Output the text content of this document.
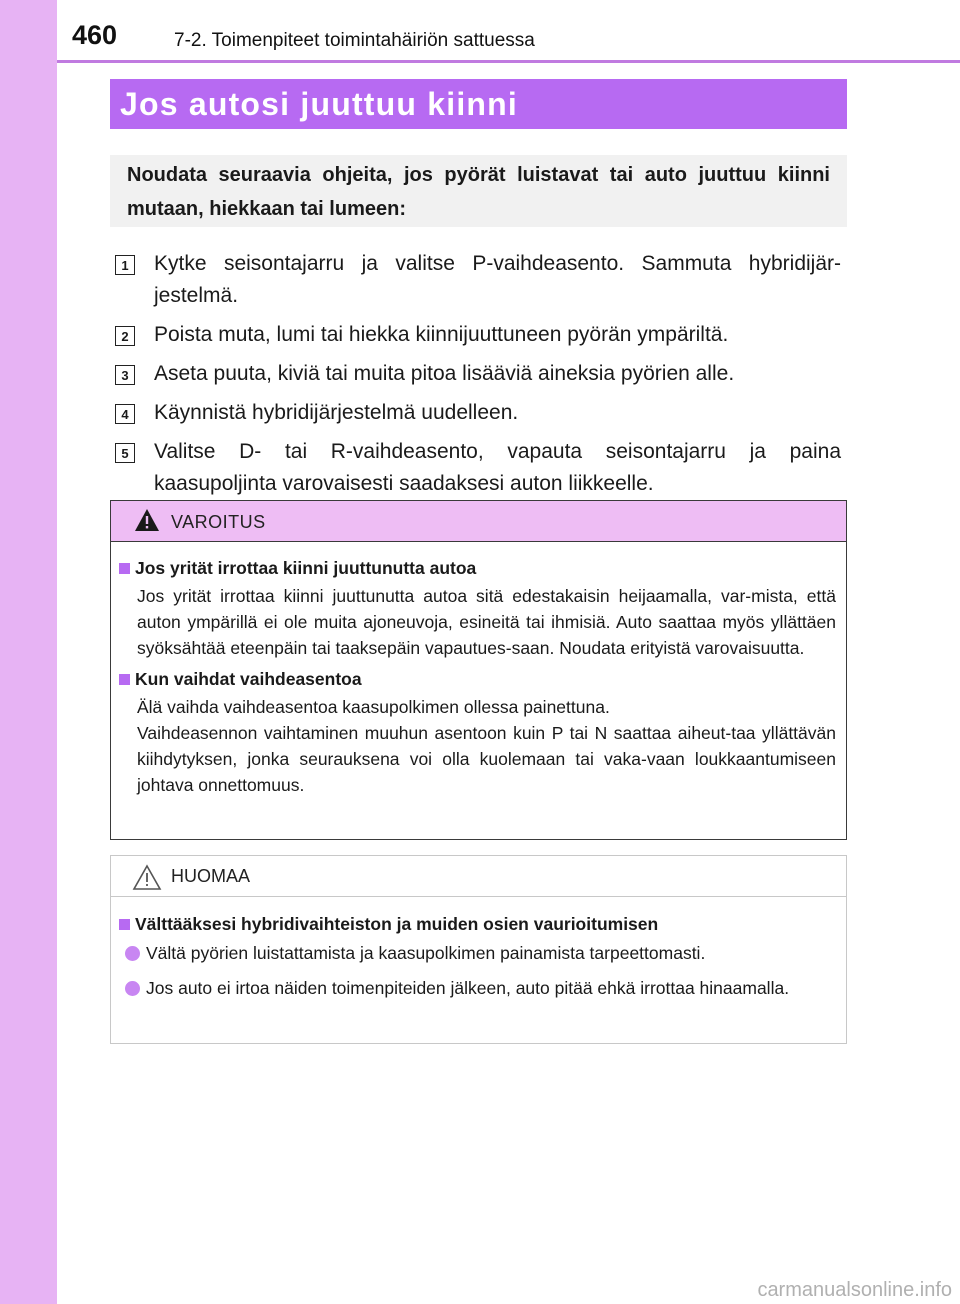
460	7-2. Toimenpiteet toimintahäiriön sattuessa
Jos autosi juuttuu kiinni
Noudata seuraavia ohjeita, jos pyörät luistavat tai auto juuttuu kiinni mutaan, hiekkaan tai lumeen:
1	Kytke seisontajarru ja valitse P-vaihdeasento. Sammuta hybridijär-jestelmä.
2	Poista muta, lumi tai hiekka kiinnijuuttuneen pyörän ympäriltä.
3	Aseta puuta, kiviä tai muita pitoa lisääviä aineksia pyörien alle.
4	Käynnistä hybridijärjestelmä uudelleen.
5	Valitse D- tai R-vaihdeasento, vapauta seisontajarru ja paina kaasupoljinta varovaisesti saadaksesi auton liikkeelle.
VAROITUS
Jos yrität irrottaa kiinni juuttunutta autoa
Jos yrität irrottaa kiinni juuttunutta autoa sitä edestakaisin heijaamalla, var-mista, että auton ympärillä ei ole muita ajoneuvoja, esineitä tai ihmisiä. Auto saattaa myös yllättäen syöksähtää eteenpäin tai taaksepäin vapautues-saan. Noudata erityistä varovaisuutta.
Kun vaihdat vaihdeasentoa
Älä vaihda vaihdeasentoa kaasupolkimen ollessa painettuna.
Vaihdeasennon vaihtaminen muuhun asentoon kuin P tai N saattaa aiheut-taa yllättävän kiihdytyksen, jonka seurauksena voi olla kuolemaan tai vaka-vaan loukkaantumiseen johtava onnettomuus.
HUOMAA
Välttääksesi hybridivaihteiston ja muiden osien vaurioitumisen
Vältä pyörien luistattamista ja kaasupolkimen painamista tarpeettomasti.
Jos auto ei irtoa näiden toimenpiteiden jälkeen, auto pitää ehkä irrottaa hinaamalla.
carmanualsonline.info
